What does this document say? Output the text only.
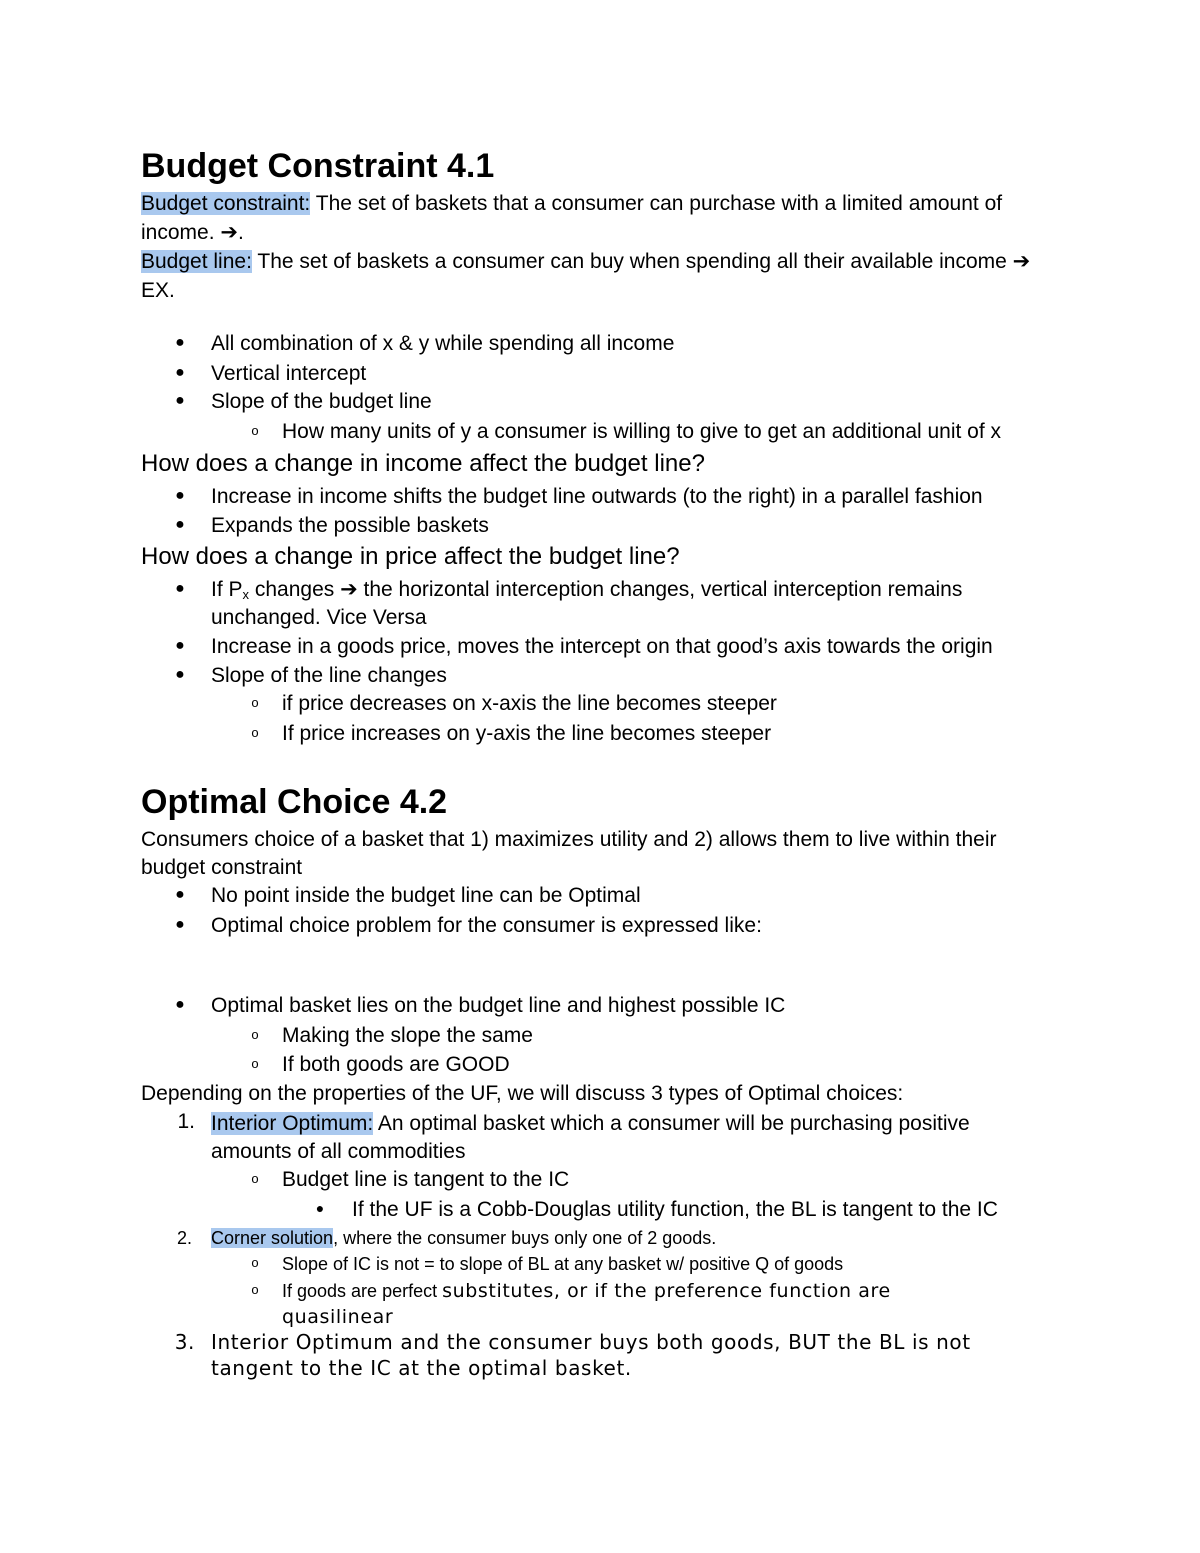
Budget Constraint 4.1
Budget constraint: The set of baskets that a consumer can purchase with a limited amount of
income. ➔.
Budget line: The set of baskets a consumer can buy when spending all their available income ➔
EX.
● All combination of x & y while spending all income
● Vertical intercept
● Slope of the budget line
o How many units of y a consumer is willing to give to get an additional unit of x
How does a change in income affect the budget line?
● Increase in income shifts the budget line outwards (to the right) in a parallel fashion
● Expands the possible baskets
How does a change in price affect the budget line?
● If Px changes ➔ the horizontal interception changes, vertical interception remains
unchanged. Vice Versa
● Increase in a goods price, moves the intercept on that good’s axis towards the origin
● Slope of the line changes
o if price decreases on x-axis the line becomes steeper
o If price increases on y-axis the line becomes steeper
Optimal Choice 4.2
Consumers choice of a basket that 1) maximizes utility and 2) allows them to live within their
budget constraint
● No point inside the budget line can be Optimal
● Optimal choice problem for the consumer is expressed like:
● Optimal basket lies on the budget line and highest possible IC
o Making the slope the same
o If both goods are GOOD
Depending on the properties of the UF, we will discuss 3 types of Optimal choices:
1. Interior Optimum: An optimal basket which a consumer will be purchasing positive
amounts of all commodities
o Budget line is tangent to the IC
● If the UF is a Cobb-Douglas utility function, the BL is tangent to the IC
2. Corner solution, where the consumer buys only one of 2 goods.
o Slope of IC is not = to slope of BL at any basket w/ positive Q of goods
o If goods are perfect substitutes, or if the preference function are
quasilinear
3. Interior Optimum and the consumer buys both goods, BUT the BL is not
tangent to the IC at the optimal basket.
